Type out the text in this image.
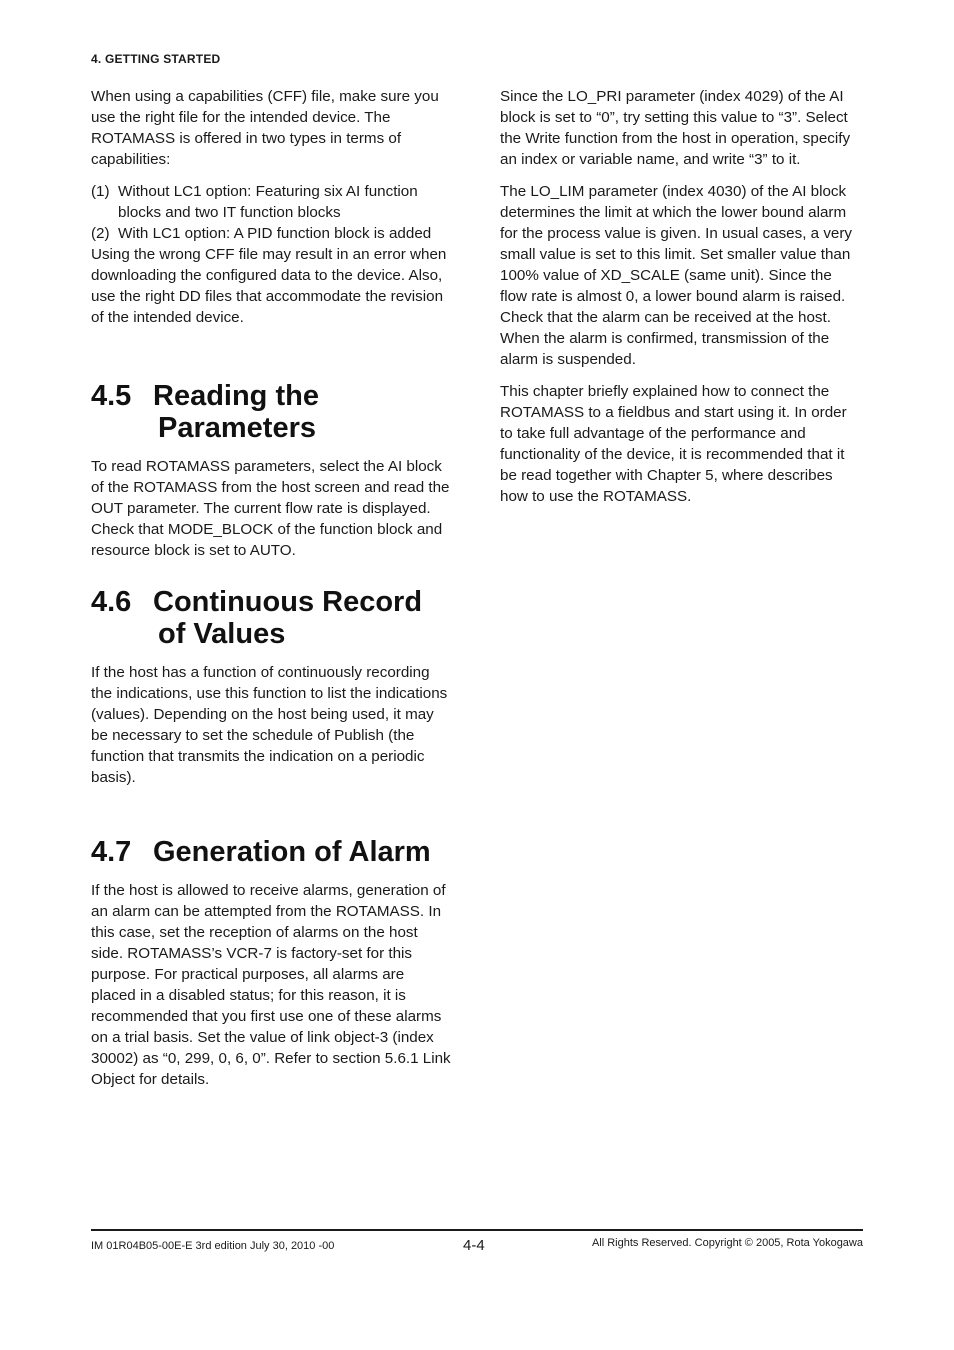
4. GETTING STARTED

When using a capabilities (CFF) file, make sure you use the right file for the intended device. The ROTAMASS is offered in two types in terms of capabilities:

(1) Without LC1 option: Featuring six AI function blocks and two IT function blocks
(2) With LC1 option: A PID function block is added

Using the wrong CFF file may result in an error when downloading the configured data to the device. Also, use the right DD files that accommodate the revision of the intended device.

4.5 Reading the
Parameters

To read ROTAMASS parameters, select the AI block of the ROTAMASS from the host screen and read the OUT parameter. The current flow rate is displayed. Check that MODE_BLOCK of the function block and resource block is set to AUTO.

4.6 Continuous Record
of Values

If the host has a function of continuously recording the indications, use this function to list the indications (values). Depending on the host being used, it may be necessary to set the schedule of Publish (the function that transmits the indication on a periodic basis).

4.7 Generation of Alarm

If the host is allowed to receive alarms, generation of an alarm can be attempted from the ROTAMASS. In this case, set the reception of alarms on the host side. ROTAMASS’s VCR-7 is factory-set for this purpose. For practical purposes, all alarms are placed in a disabled status; for this reason, it is recommended that you first use one of these alarms on a trial basis. Set the value of link object-3 (index 30002) as “0, 299, 0, 6, 0”. Refer to section 5.6.1 Link Object for details.

Since the LO_PRI parameter (index 4029) of the AI block is set to “0”, try setting this value to “3”. Select the Write function from the host in operation, specify an index or variable name, and write “3” to it.

The LO_LIM parameter (index 4030) of the AI block determines the limit at which the lower bound alarm for the process value is given. In usual cases, a very small value is set to this limit. Set smaller value than 100% value of XD_SCALE (same unit). Since the flow rate is almost 0, a lower bound alarm is raised. Check that the alarm can be received at the host. When the alarm is confirmed, transmission of the alarm is suspended.

This chapter briefly explained how to connect the ROTAMASS to a fieldbus and start using it. In order to take full advantage of the performance and functionality of the device, it is recommended that it be read together with Chapter 5, where describes how to use the ROTAMASS.

IM 01R04B05-00E-E 3rd edition July 30, 2010 -00	4-4	All Rights Reserved. Copyright © 2005, Rota Yokogawa
